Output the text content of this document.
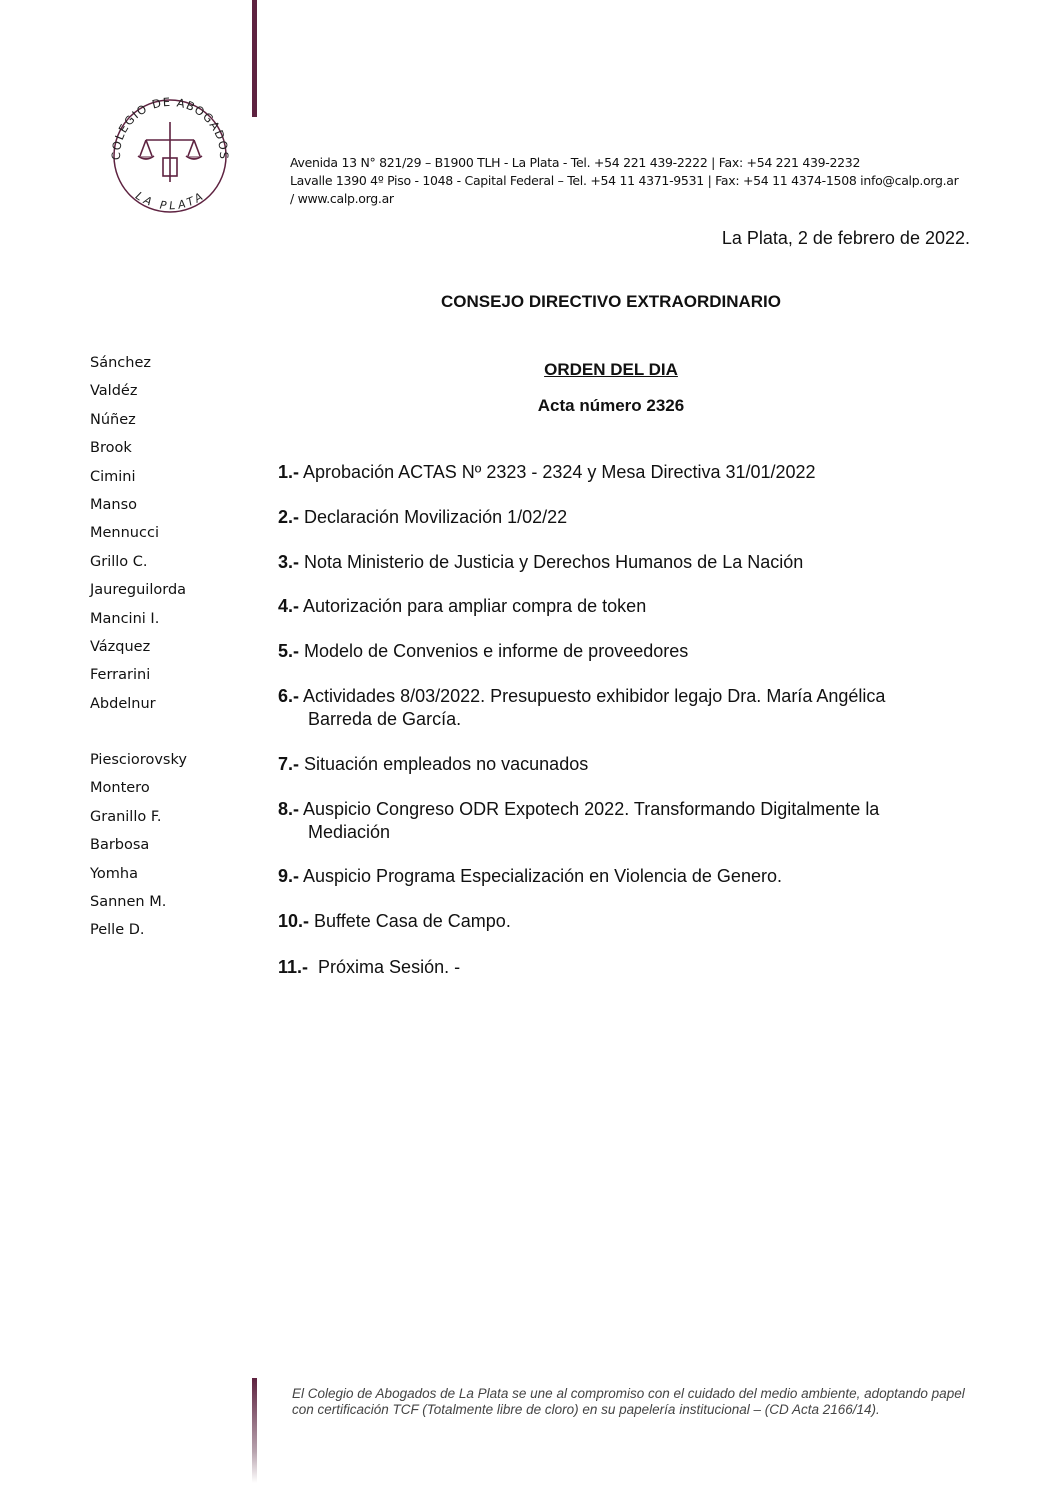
COLEGIO DE ABOGADOS
LA PLATA
Avenida 13 N° 821/29 – B1900 TLH - La Plata - Tel. +54 221 439-2222 | Fax: +54 221 439-2232
Lavalle 1390 4º Piso - 1048 - Capital Federal – Tel. +54 11 4371-9531 | Fax: +54 11 4374-1508 info@calp.org.ar
/ www.calp.org.ar
La Plata, 2 de febrero de 2022.
CONSEJO DIRECTIVO EXTRAORDINARIO
Sánchez
Valdéz
Núñez
Brook
Cimini
Manso
Mennucci
Grillo C.
Jaureguilorda
Mancini I.
Vázquez
Ferrarini
Abdelnur
Piesciorovsky
Montero
Granillo F.
Barbosa
Yomha
Sannen M.
Pelle D.
ORDEN DEL DIA
Acta número 2326
1.- Aprobación ACTAS Nº 2323 - 2324 y Mesa Directiva 31/01/2022
2.- Declaración Movilización 1/02/22
3.- Nota Ministerio de Justicia y Derechos Humanos de La Nación
4.- Autorización para ampliar compra de token
5.- Modelo de Convenios e informe de proveedores
6.- Actividades 8/03/2022. Presupuesto exhibidor legajo Dra. María Angélica
Barreda de García.
7.- Situación empleados no vacunados
8.- Auspicio Congreso ODR Expotech 2022. Transformando Digitalmente la
Mediación
9.- Auspicio Programa Especialización en Violencia de Genero.
10.- Buffete Casa de Campo.
11.-  Próxima Sesión. -
El Colegio de Abogados de La Plata se une al compromiso con el cuidado del medio ambiente, adoptando papel con certificación TCF (Totalmente libre de cloro) en su papelería institucional – (CD Acta 2166/14).
